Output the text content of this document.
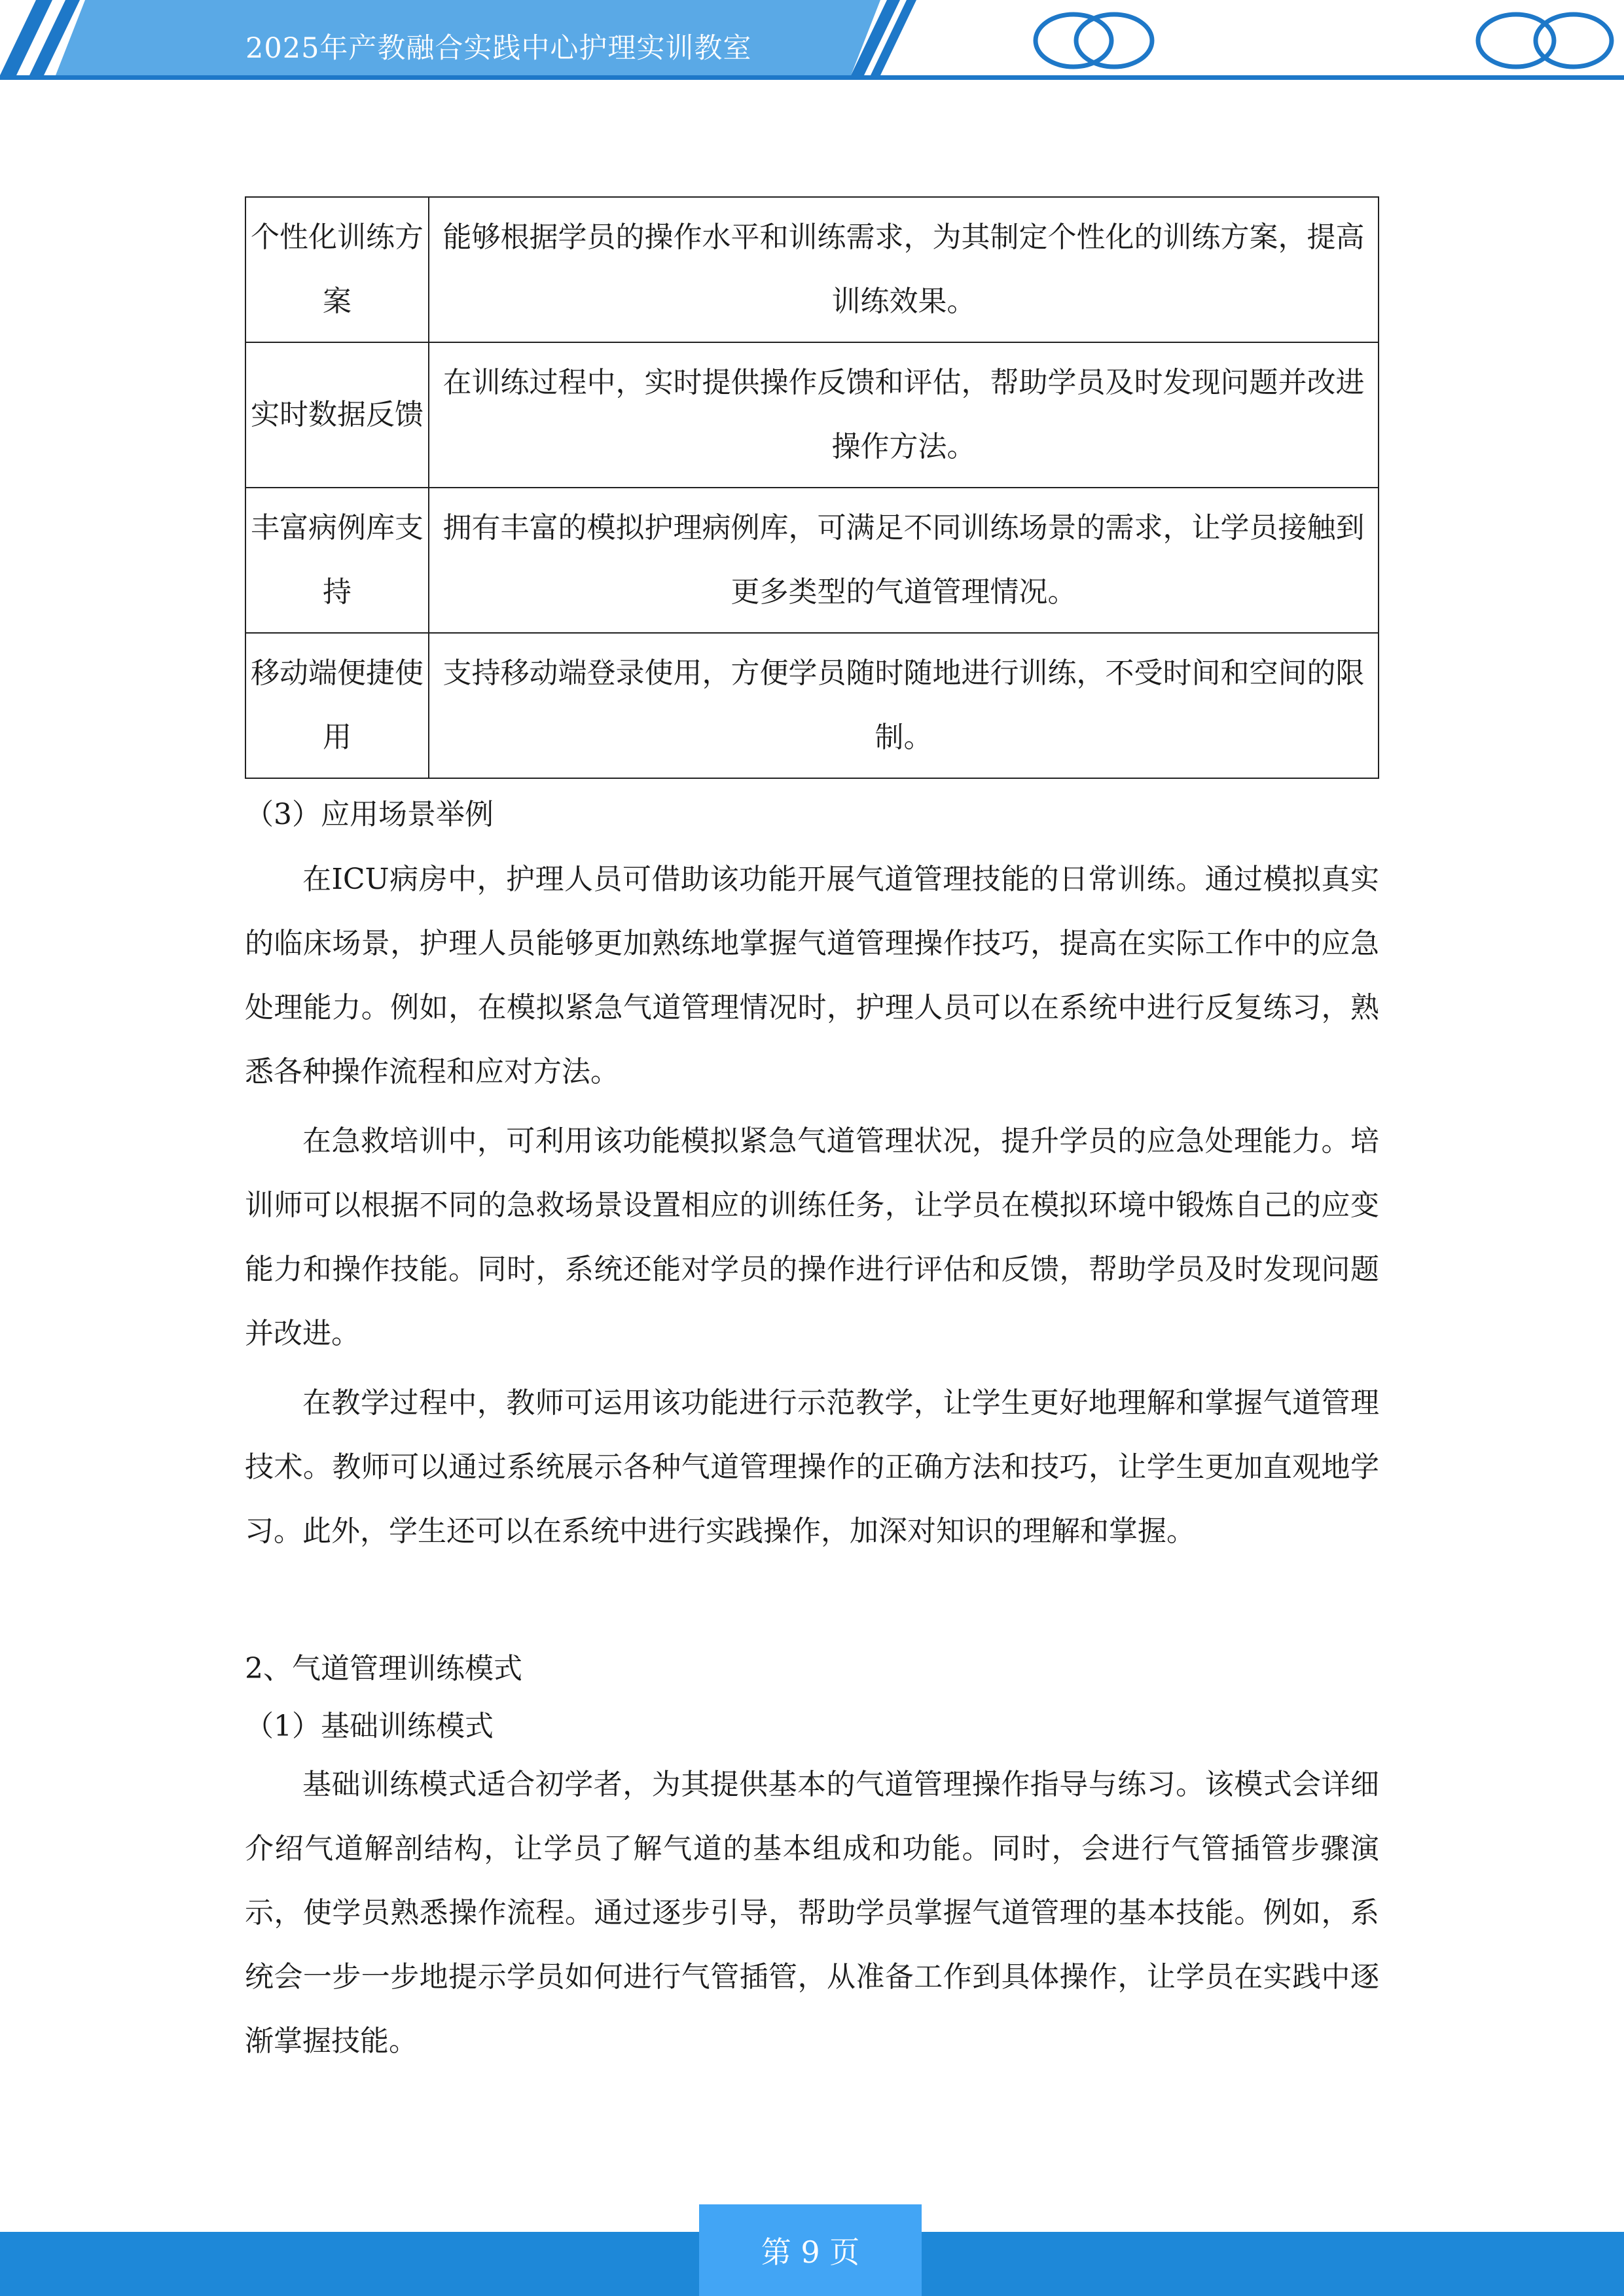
2025年产教融合实践中心护理实训教室
个性化训练方案	能够根据学员的操作水平和训练需求，为其制定个性化的训练方案，提高训练效果。
实时数据反馈	在训练过程中，实时提供操作反馈和评估，帮助学员及时发现问题并改进操作方法。
丰富病例库支持	拥有丰富的模拟护理病例库，可满足不同训练场景的需求，让学员接触到更多类型的气道管理情况。
移动端便捷使用	支持移动端登录使用，方便学员随时随地进行训练，不受时间和空间的限制。

（3）应用场景举例

在ICU病房中，护理人员可借助该功能开展气道管理技能的日常训练。通过模拟真实的临床场景，护理人员能够更加熟练地掌握气道管理操作技巧，提高在实际工作中的应急处理能力。例如，在模拟紧急气道管理情况时，护理人员可以在系统中进行反复练习，熟悉各种操作流程和应对方法。

在急救培训中，可利用该功能模拟紧急气道管理状况，提升学员的应急处理能力。培训师可以根据不同的急救场景设置相应的训练任务，让学员在模拟环境中锻炼自己的应变能力和操作技能。同时，系统还能对学员的操作进行评估和反馈，帮助学员及时发现问题并改进。

在教学过程中，教师可运用该功能进行示范教学，让学生更好地理解和掌握气道管理技术。教师可以通过系统展示各种气道管理操作的正确方法和技巧，让学生更加直观地学习。此外，学生还可以在系统中进行实践操作，加深对知识的理解和掌握。

2、气道管理训练模式

（1）基础训练模式

基础训练模式适合初学者，为其提供基本的气道管理操作指导与练习。该模式会详细介绍气道解剖结构，让学员了解气道的基本组成和功能。同时，会进行气管插管步骤演示，使学员熟悉操作流程。通过逐步引导，帮助学员掌握气道管理的基本技能。例如，系统会一步一步地提示学员如何进行气管插管，从准备工作到具体操作，让学员在实践中逐渐掌握技能。

第 9 页
